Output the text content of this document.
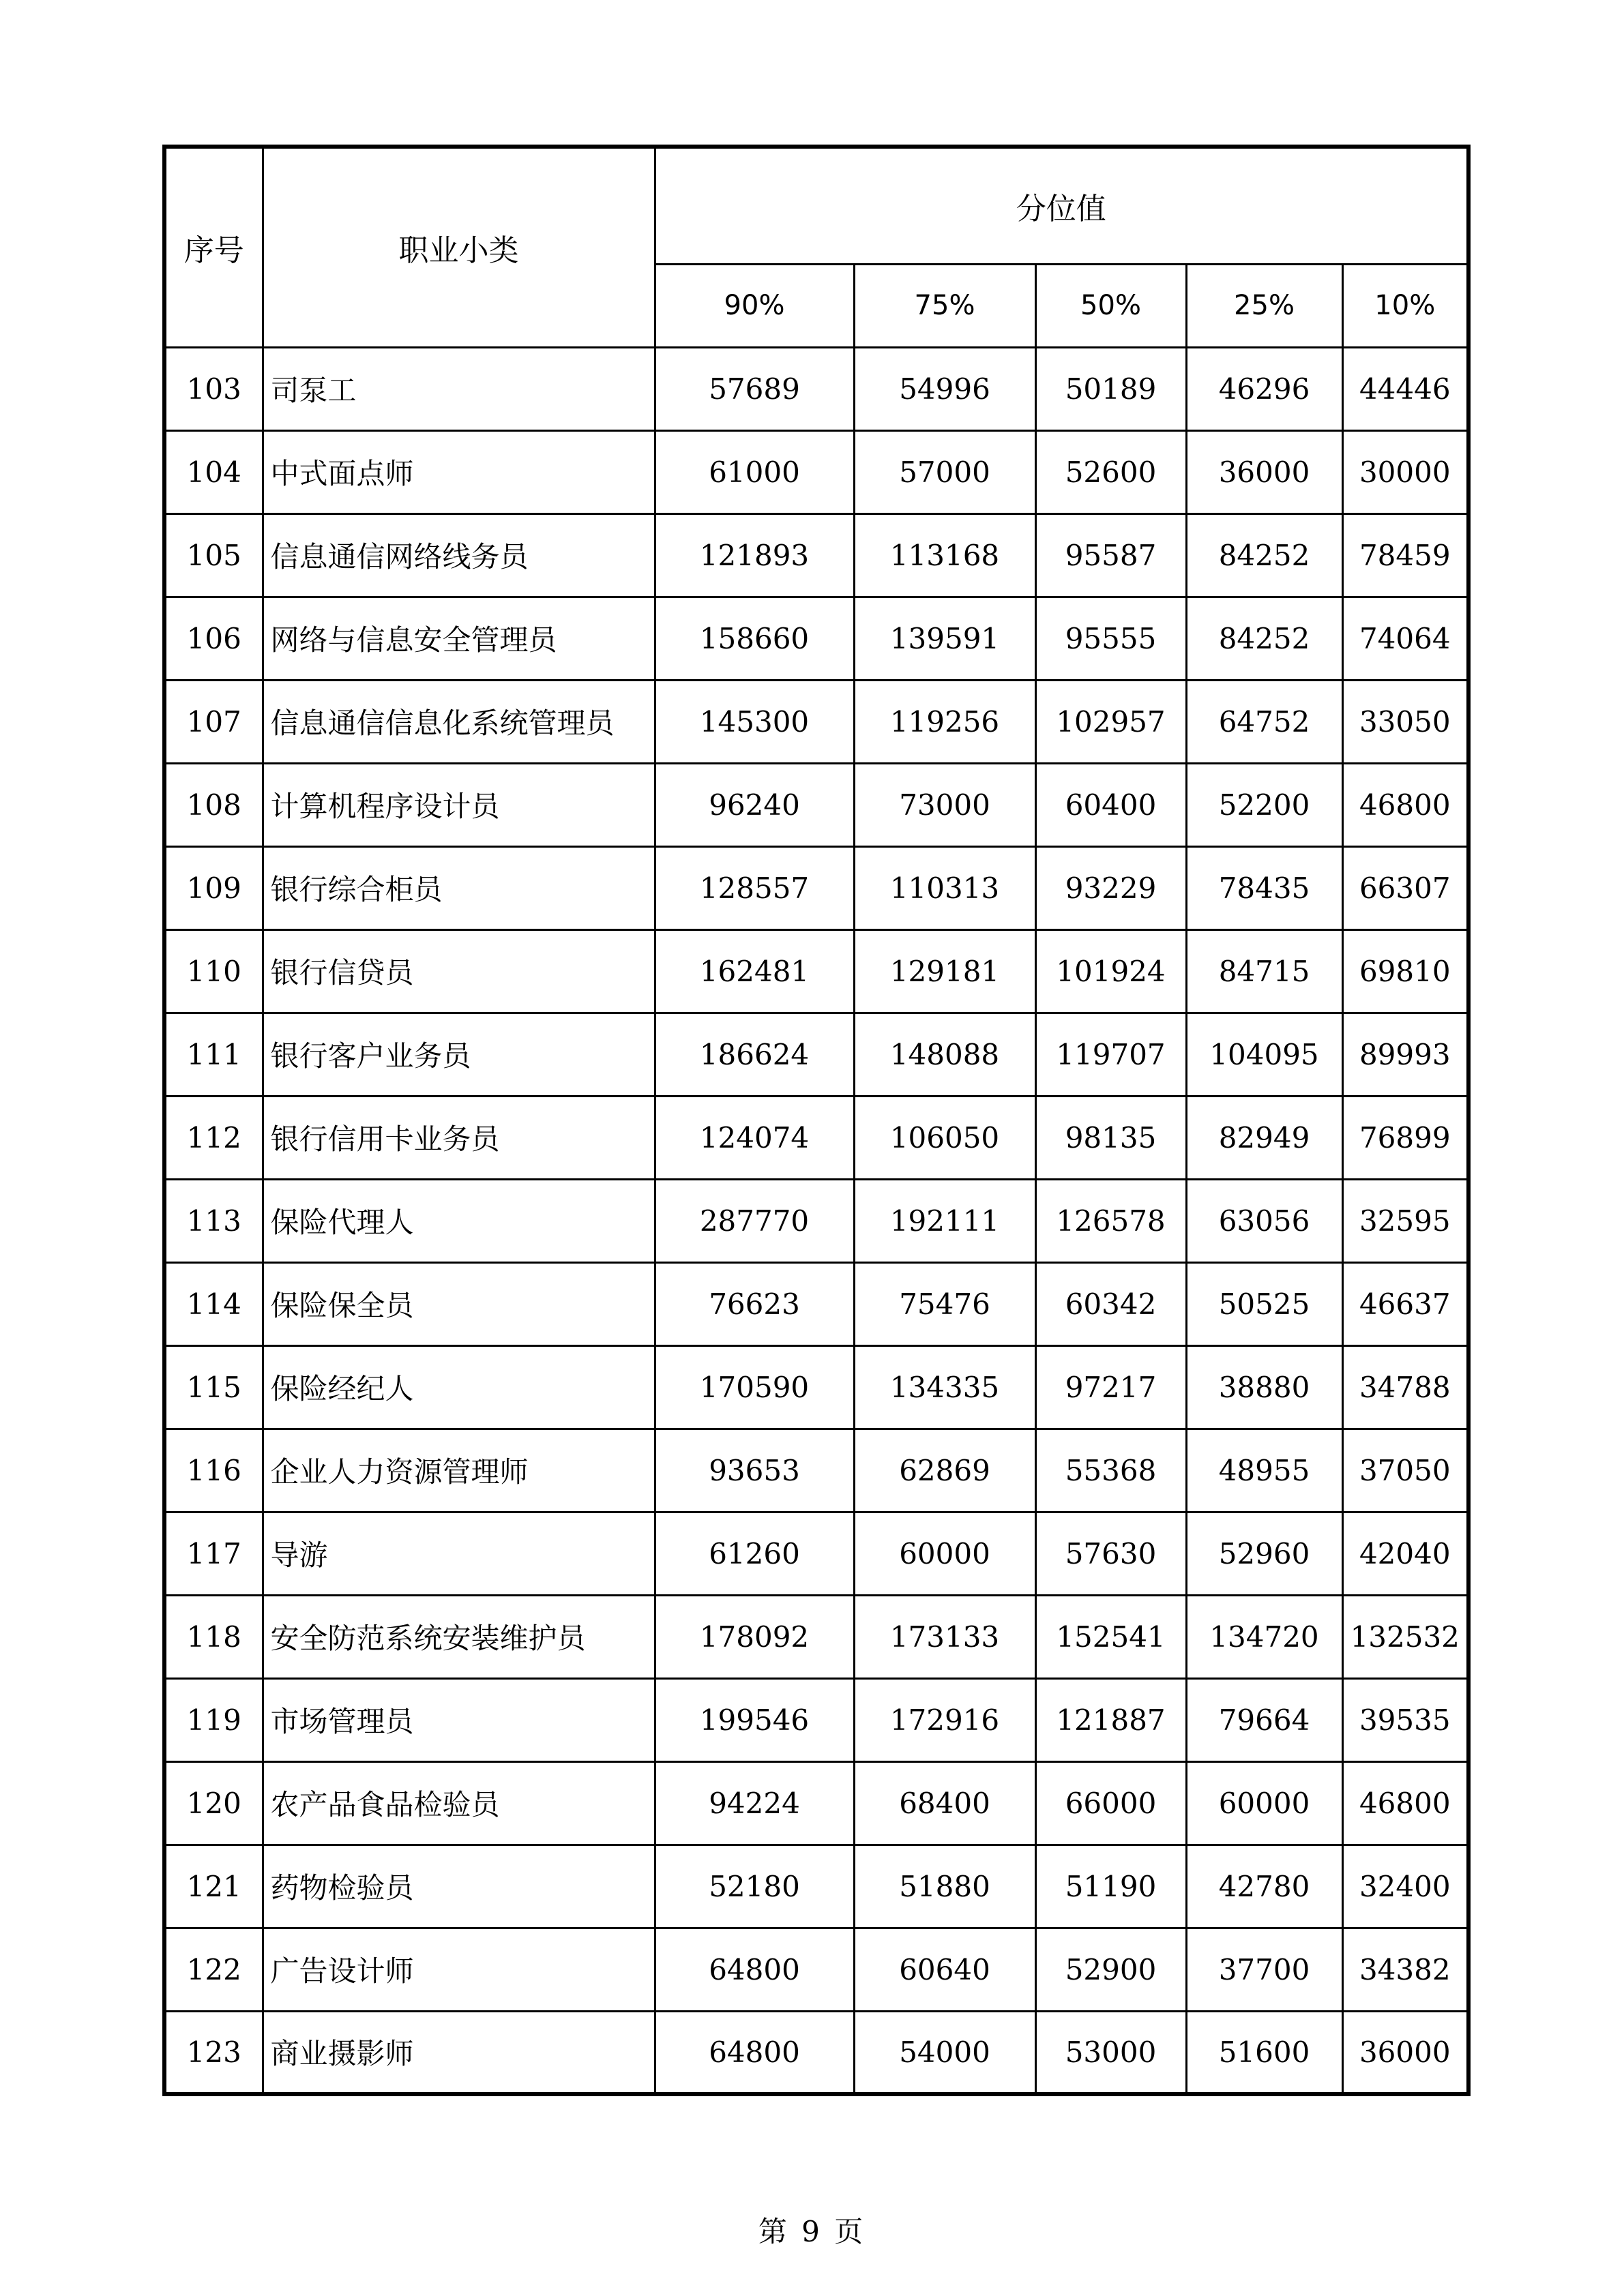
序号	职业小类	分位值				
		90%	75%	50%	25%	10%
103	司泵工	57689	54996	50189	46296	44446
104	中式面点师	61000	57000	52600	36000	30000
105	信息通信网络线务员	121893	113168	95587	84252	78459
106	网络与信息安全管理员	158660	139591	95555	84252	74064
107	信息通信信息化系统管理员	145300	119256	102957	64752	33050
108	计算机程序设计员	96240	73000	60400	52200	46800
109	银行综合柜员	128557	110313	93229	78435	66307
110	银行信贷员	162481	129181	101924	84715	69810
111	银行客户业务员	186624	148088	119707	104095	89993
112	银行信用卡业务员	124074	106050	98135	82949	76899
113	保险代理人	287770	192111	126578	63056	32595
114	保险保全员	76623	75476	60342	50525	46637
115	保险经纪人	170590	134335	97217	38880	34788
116	企业人力资源管理师	93653	62869	55368	48955	37050
117	导游	61260	60000	57630	52960	42040
118	安全防范系统安装维护员	178092	173133	152541	134720	132532
119	市场管理员	199546	172916	121887	79664	39535
120	农产品食品检验员	94224	68400	66000	60000	46800
121	药物检验员	52180	51880	51190	42780	32400
122	广告设计师	64800	60640	52900	37700	34382
123	商业摄影师	64800	54000	53000	51600	36000
第 9 页
